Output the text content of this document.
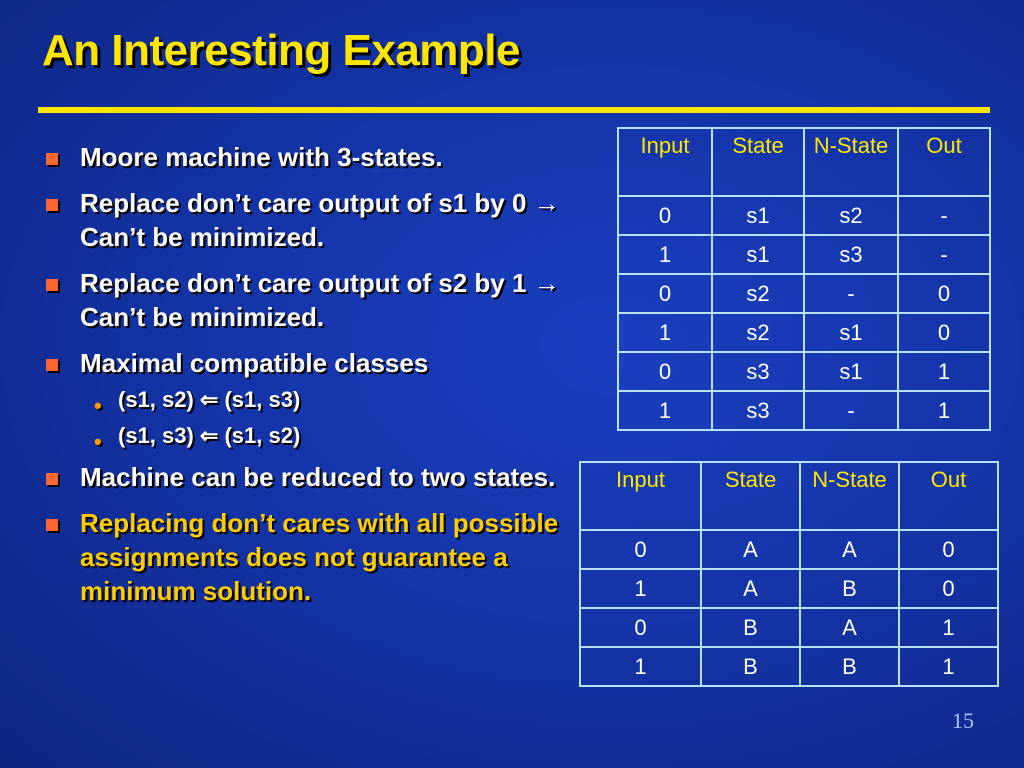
An Interesting Example
Moore machine with 3-states.
Replace don’t care output of s1 by 0 → Can’t be minimized.
Replace don’t care output of s2 by 1 → Can’t be minimized.
Maximal compatible classes
• (s1, s2) ⇐ (s1, s3)
• (s1, s3) ⇐ (s1, s2)
Machine can be reduced to two states.
Replacing don’t cares with all possible assignments does not guarantee a minimum solution.
Input	State	N-State	Out
0	s1	s2	-
1	s1	s3	-
0	s2	-	0
1	s2	s1	0
0	s3	s1	1
1	s3	-	1
Input	State	N-State	Out
0	A	A	0
1	A	B	0
0	B	A	1
1	B	B	1
15
